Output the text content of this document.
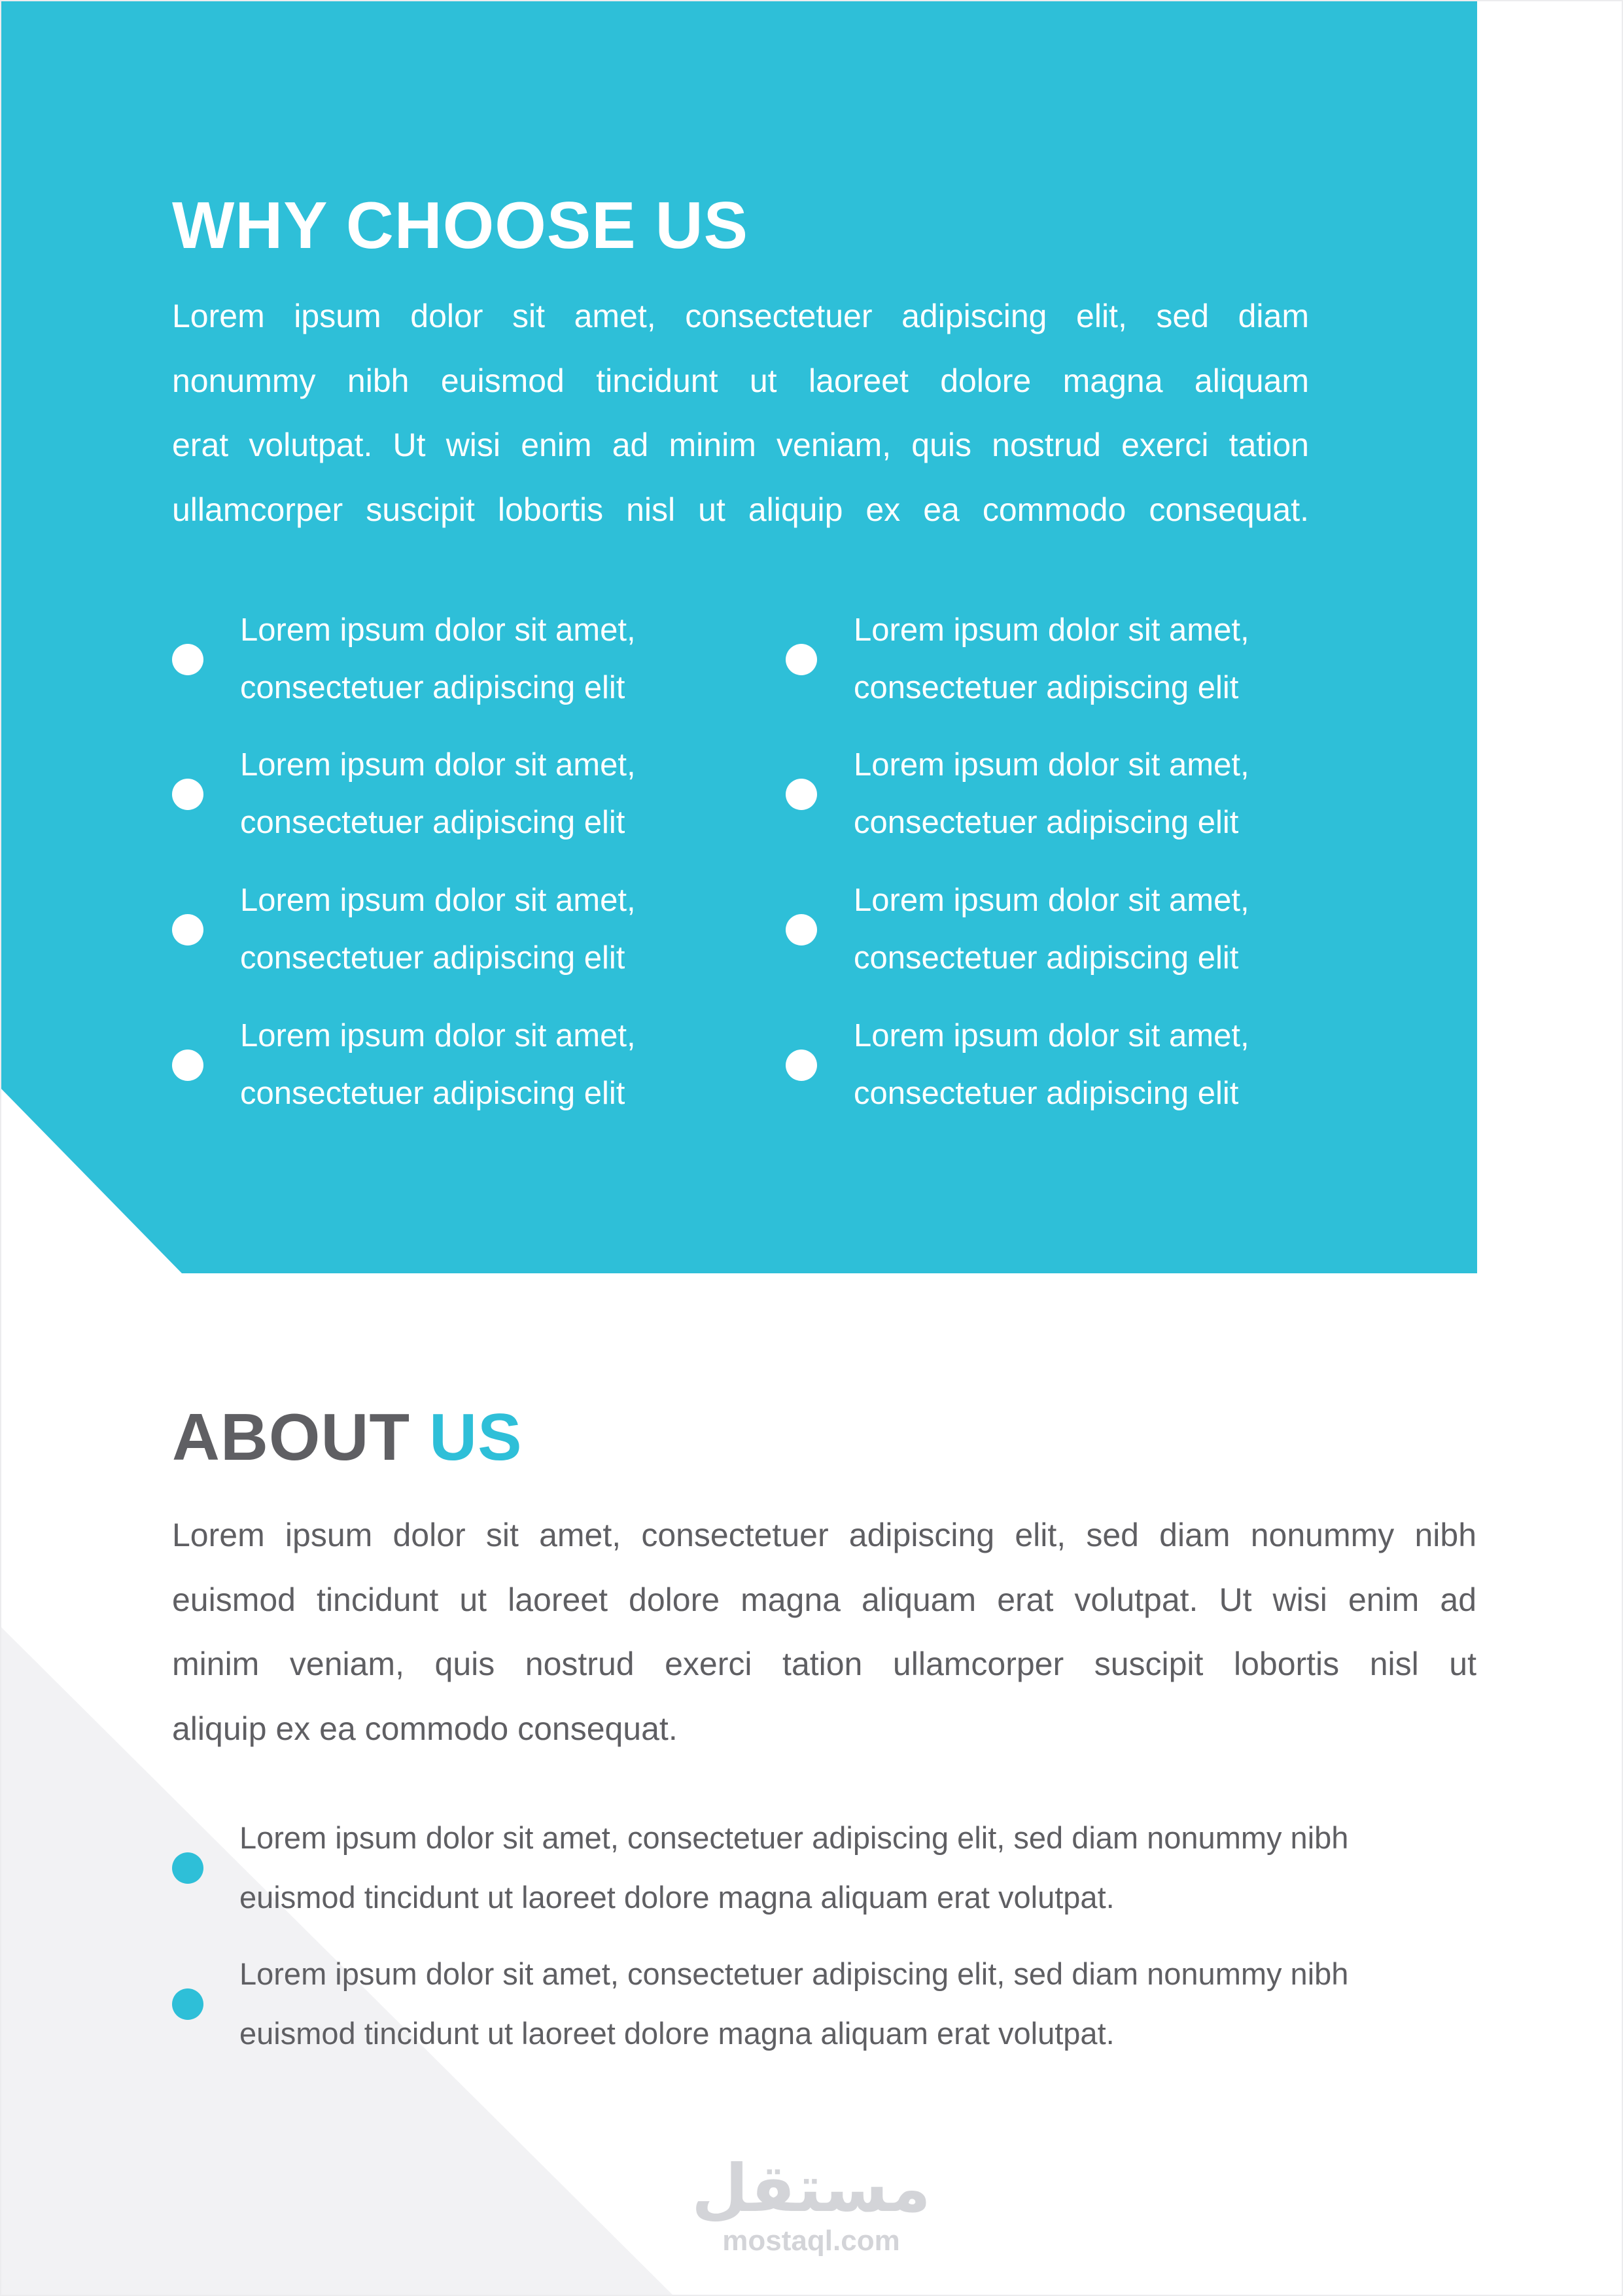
WHY CHOOSE US

Lorem ipsum dolor sit amet, consectetuer adipiscing elit, sed diam
nonummy nibh euismod tincidunt ut laoreet dolore magna aliquam
erat volutpat. Ut wisi enim ad minim veniam, quis nostrud exerci tation
ullamcorper suscipit lobortis nisl ut aliquip ex ea commodo consequat.

Lorem ipsum dolor sit amet,
consectetuer adipiscing elit

Lorem ipsum dolor sit amet,
consectetuer adipiscing elit

Lorem ipsum dolor sit amet,
consectetuer adipiscing elit

Lorem ipsum dolor sit amet,
consectetuer adipiscing elit

Lorem ipsum dolor sit amet,
consectetuer adipiscing elit

Lorem ipsum dolor sit amet,
consectetuer adipiscing elit

Lorem ipsum dolor sit amet,
consectetuer adipiscing elit

Lorem ipsum dolor sit amet,
consectetuer adipiscing elit

ABOUT US

Lorem ipsum dolor sit amet, consectetuer adipiscing elit, sed diam nonummy nibh
euismod tincidunt ut laoreet dolore magna aliquam erat volutpat. Ut wisi enim ad
minim veniam, quis nostrud exerci tation ullamcorper suscipit lobortis nisl ut
aliquip ex ea commodo consequat.

Lorem ipsum dolor sit amet, consectetuer adipiscing elit, sed diam nonummy nibh
euismod tincidunt ut laoreet dolore magna aliquam erat volutpat.

Lorem ipsum dolor sit amet, consectetuer adipiscing elit, sed diam nonummy nibh
euismod tincidunt ut laoreet dolore magna aliquam erat volutpat.

مستقل
mostaql.com
